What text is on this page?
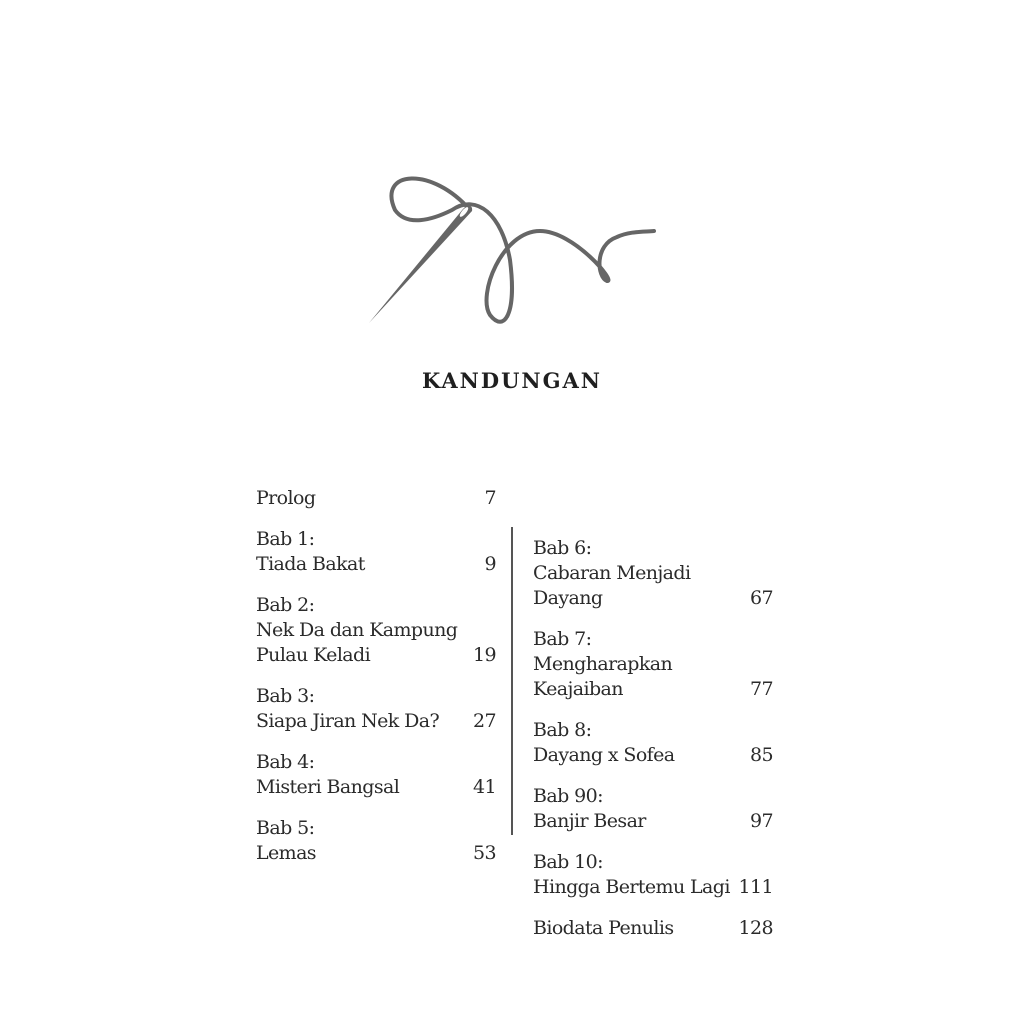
KANDUNGAN
Prolog	7
Bab 1:
Tiada Bakat	9
Bab 2:
Nek Da dan Kampung
Pulau Keladi	19
Bab 3:
Siapa Jiran Nek Da?	27
Bab 4:
Misteri Bangsal	41
Bab 5:
Lemas	53
Bab 6:
Cabaran Menjadi
Dayang	67
Bab 7:
Mengharapkan
Keajaiban	77
Bab 8:
Dayang x Sofea	85
Bab 90:
Banjir Besar	97
Bab 10:
Hingga Bertemu Lagi 111
Biodata Penulis	128
